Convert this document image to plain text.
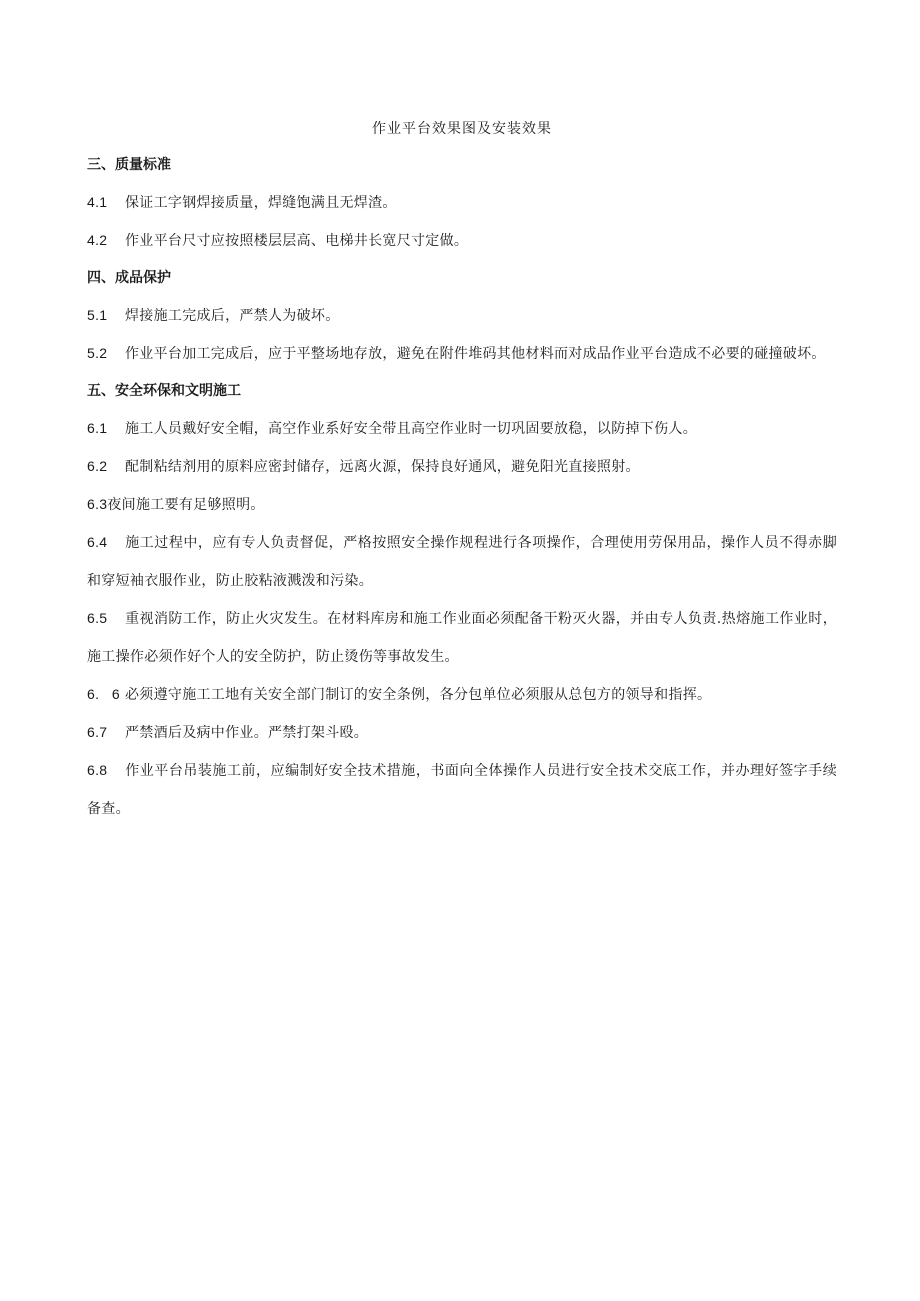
作业平台效果图及安装效果
三、质量标准

4.1 保证工字钢焊接质量，焊缝饱满且无焊渣。

4.2 作业平台尺寸应按照楼层层高、电梯井长宽尺寸定做。

四、成品保护

5.1 焊接施工完成后，严禁人为破坏。

5.2 作业平台加工完成后，应于平整场地存放，避免在附件堆码其他材料而对成品作业平台造成不必要的碰撞破坏。

五、安全环保和文明施工

6.1 施工人员戴好安全帽，高空作业系好安全带且高空作业时一切巩固要放稳，以防掉下伤人。

6.2 配制粘结剂用的原料应密封储存，远离火源，保持良好通风，避免阳光直接照射。

6.3夜间施工要有足够照明。

6.4 施工过程中，应有专人负责督促，严格按照安全操作规程进行各项操作，合理使用劳保用品，操作人员不得赤脚和穿短袖衣服作业，防止胶粘液溅泼和污染。

6.5 重视消防工作，防止火灾发生。在材料库房和施工作业面必须配备干粉灭火器，并由专人负责.热熔施工作业时，施工操作必须作好个人的安全防护，防止烫伤等事故发生。

6.   6 必须遵守施工工地有关安全部门制订的安全条例，各分包单位必须服从总包方的领导和指挥。

6.7 严禁酒后及病中作业。严禁打架斗殴。

6.8 作业平台吊装施工前，应编制好安全技术措施，书面向全体操作人员进行安全技术交底工作，并办理好签字手续备查。
